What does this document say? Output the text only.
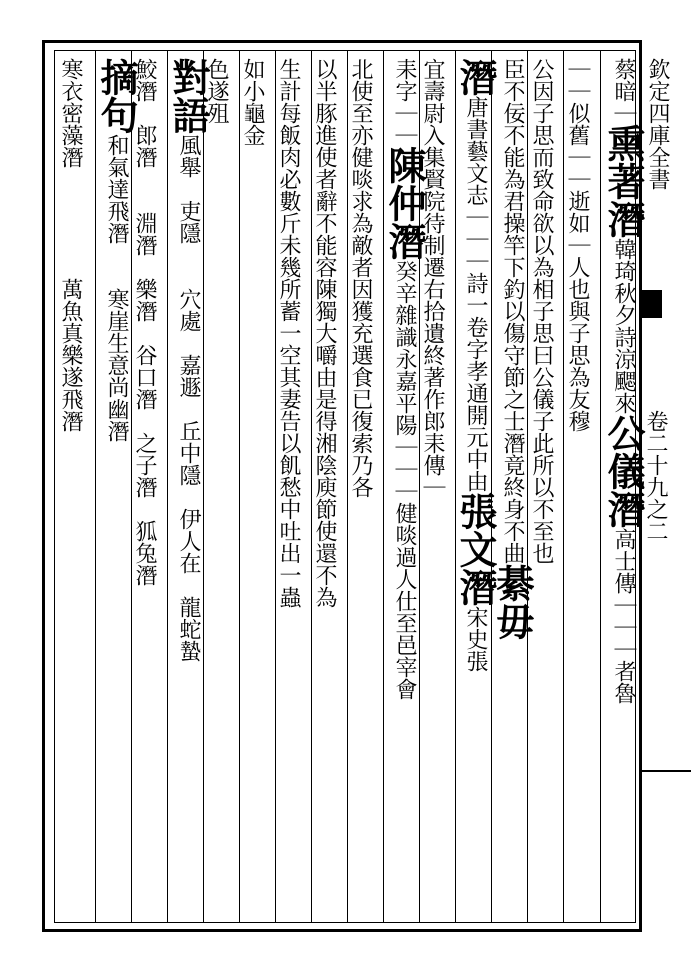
欽定四庫全書
卷二十九之二
蔡暗｜熏著潛韓琦秋夕詩涼颸來公儀潛高士傳｜｜｜者魯
｜｜似舊｜｜逝如｜人也與子思為友穆
公因子思而致命欲以為相子思曰公儀子此所以不至也
臣不佞不能為君操竿下釣以傷守節之士潛竟終身不曲綦毋
潛唐書藝文志｜｜｜詩一卷字孝通開元中由張文潛宋史張
宜壽尉入集賢院待制遷右拾遺終著作郎耒傳｜
耒字｜｜陳仲潛癸辛雜識永嘉平陽｜｜｜健啖過人仕至邑宰會
北使至亦健啖求為敵者因獲充選食已復索乃各
以半豚進使者辭不能容陳獨大嚼由是得湘陰庾節使還不為
生計每飯肉必數斤未幾所蓄一空其妻告以飢愁中吐出一蟲
如小龜金
色遂殂
對語風舉　吏隱　　穴處　嘉遯　丘中隱　伊人在　龍蛇蟄
鮫潛　郎潛　　淵潛　樂潛　谷口潛　之子潛　狐兔潛
摘句和氣達飛潛　　寒崖生意尚幽潛
寒衣密藻潛　　　　　萬魚真樂遂飛潛
